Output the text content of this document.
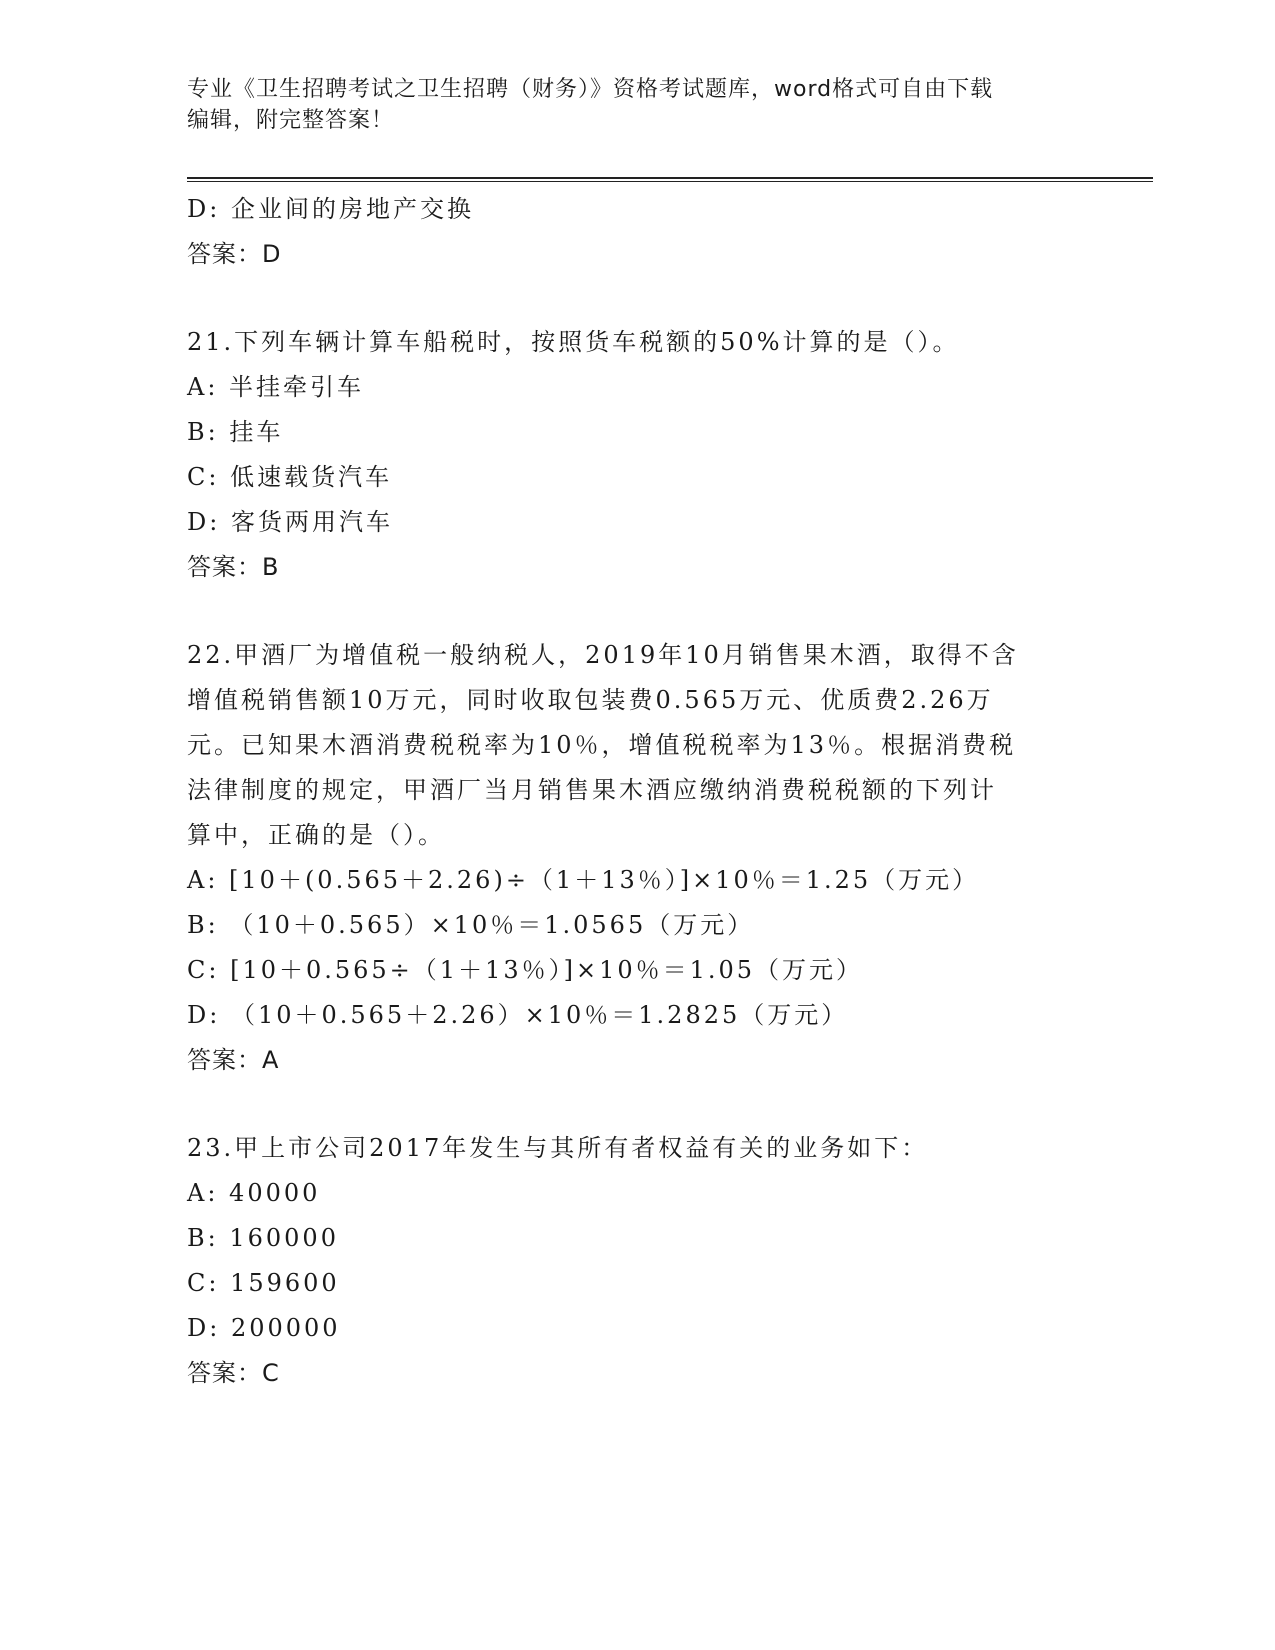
专业《卫生招聘考试之卫生招聘（财务）》资格考试题库，word格式可自由下载
编辑，附完整答案！
D: 企业间的房地产交换
答案：D
21.下列车辆计算车船税时，按照货车税额的50%计算的是（）。
A: 半挂牵引车
B: 挂车
C: 低速载货汽车
D: 客货两用汽车
答案：B
22.甲酒厂为增值税一般纳税人，2019年10月销售果木酒，取得不含
增值税销售额10万元，同时收取包装费0.565万元、优质费2.26万
元。已知果木酒消费税税率为10％，增值税税率为13％。根据消费税
法律制度的规定，甲酒厂当月销售果木酒应缴纳消费税税额的下列计
算中，正确的是（）。
A: [10＋(0.565＋2.26)÷（1＋13％）]×10％＝1.25（万元）
B: （10＋0.565）×10％＝1.0565（万元）
C: [10＋0.565÷（1＋13％）]×10％＝1.05（万元）
D: （10＋0.565＋2.26）×10％＝1.2825（万元）
答案：A
23.甲上市公司2017年发生与其所有者权益有关的业务如下：
A: 40000
B: 160000
C: 159600
D: 200000
答案：C
